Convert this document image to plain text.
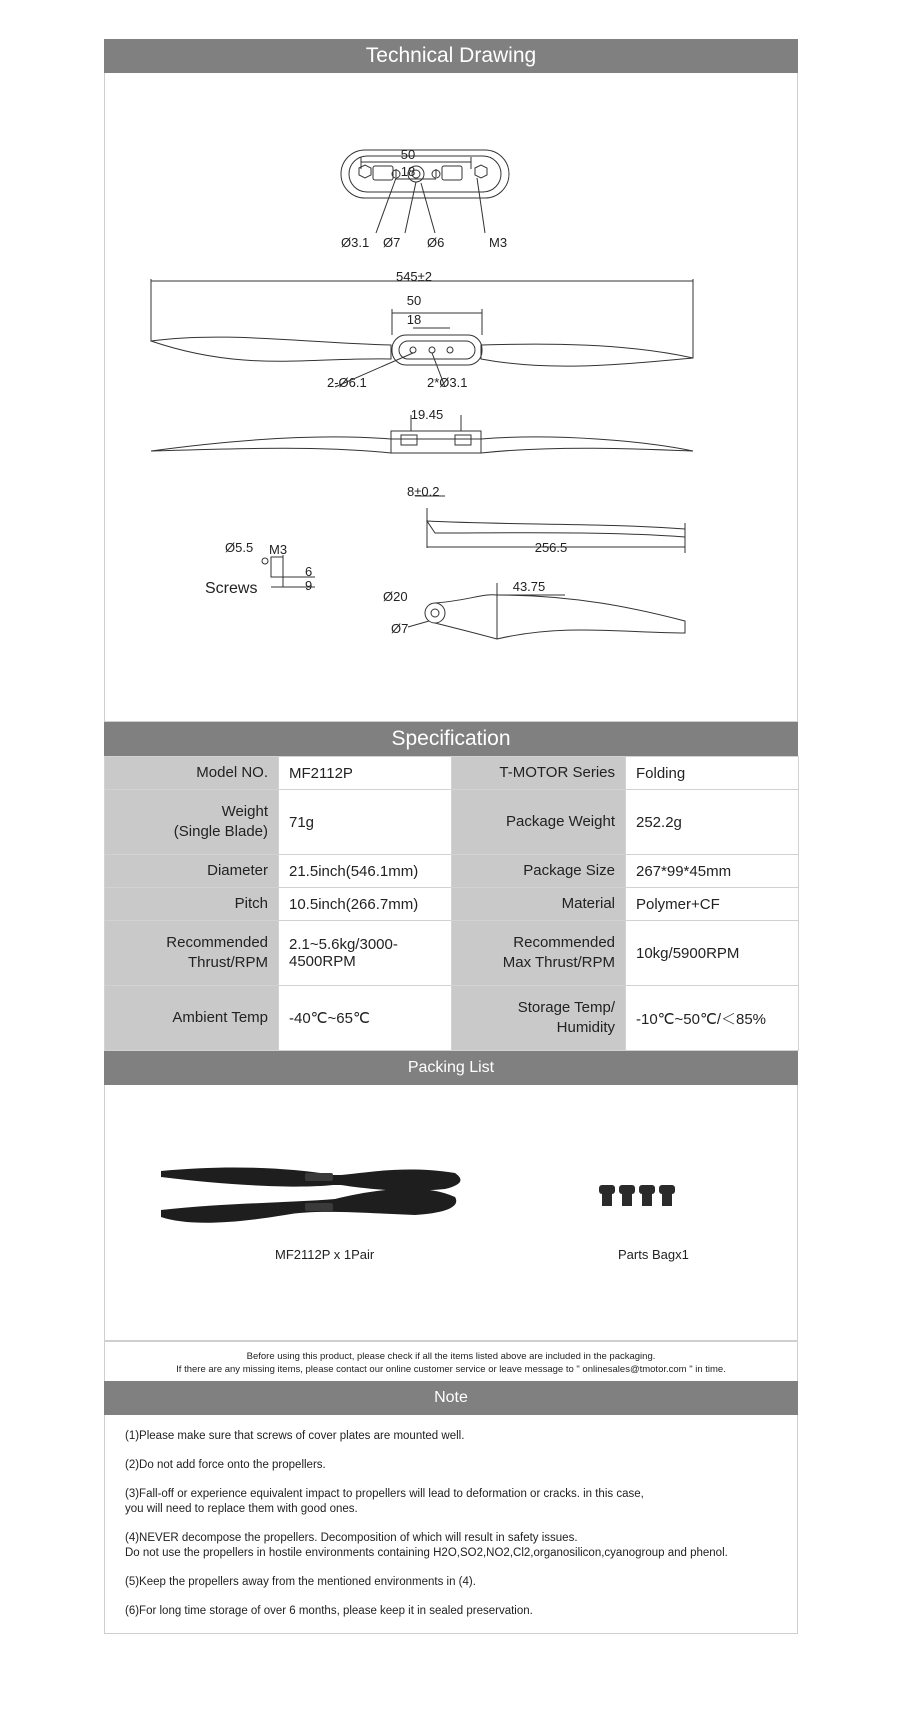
Technical Drawing
50
18
Ø3.1 Ø7 Ø6	M3
545±2
50
18
2-Ø6.1	2*Ø3.1
19.45
8±0.2
256.5
Ø5.5 M3
6
9
Screws	Ø20
43.75
Ø7
Specification
Model NO.	MF2112P	T-MOTOR Series	Folding
Weight
(Single Blade)	71g	Package Weight	252.2g
Diameter	21.5inch(546.1mm)	Package Size	267*99*45mm
Pitch	10.5inch(266.7mm)	Material	Polymer+CF
Recommended
Thrust/RPM	2.1~5.6kg/3000-4500RPM	Recommended
Max Thrust/RPM	10kg/5900RPM
Ambient Temp	-40℃~65℃	Storage Temp/
Humidity	-10℃~50℃/＜85%
Packing List
MF2112P x 1Pair	Parts Bagx1
Before using this product, please check if all the items listed above are included in the packaging.
If there are any missing items, please contact our online customer service or leave message to " onlinesales@tmotor.com " in time.
Note
(1)Please make sure that screws of cover plates are mounted well.
(2)Do not add force onto the propellers.
(3)Fall-off or experience equivalent impact to propellers will lead to deformation or cracks. in this case,
you will need to replace them with good ones.
(4)NEVER decompose the propellers. Decomposition of which will result in safety issues.
Do not use the propellers in hostile environments containing H2O,SO2,NO2,Cl2,organosilicon,cyanogroup and phenol.
(5)Keep the propellers away from the mentioned environments in (4).
(6)For long time storage of over 6 months, please keep it in sealed preservation.
